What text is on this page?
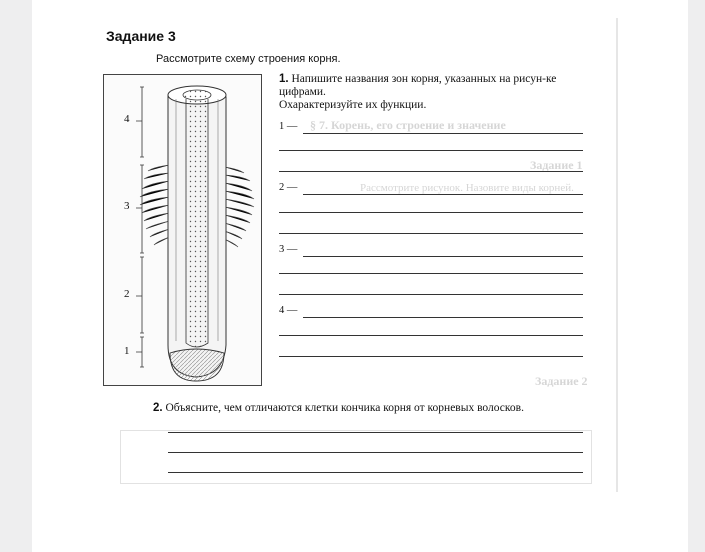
§ 7. Корень, его строение и значение
Задание 1
Рассмотрите рисунок. Назовите виды корней.
Задание 2
Задание 3
Рассмотрите схему строения корня.
4
3
2
1
1. Напишите названия зон корня, указанных на рисун-ке цифрами.
Охарактеризуйте их функции.
1 —
2 —
3 —
4 —
2. Объясните, чем отличаются клетки кончика корня от корневых волосков.
